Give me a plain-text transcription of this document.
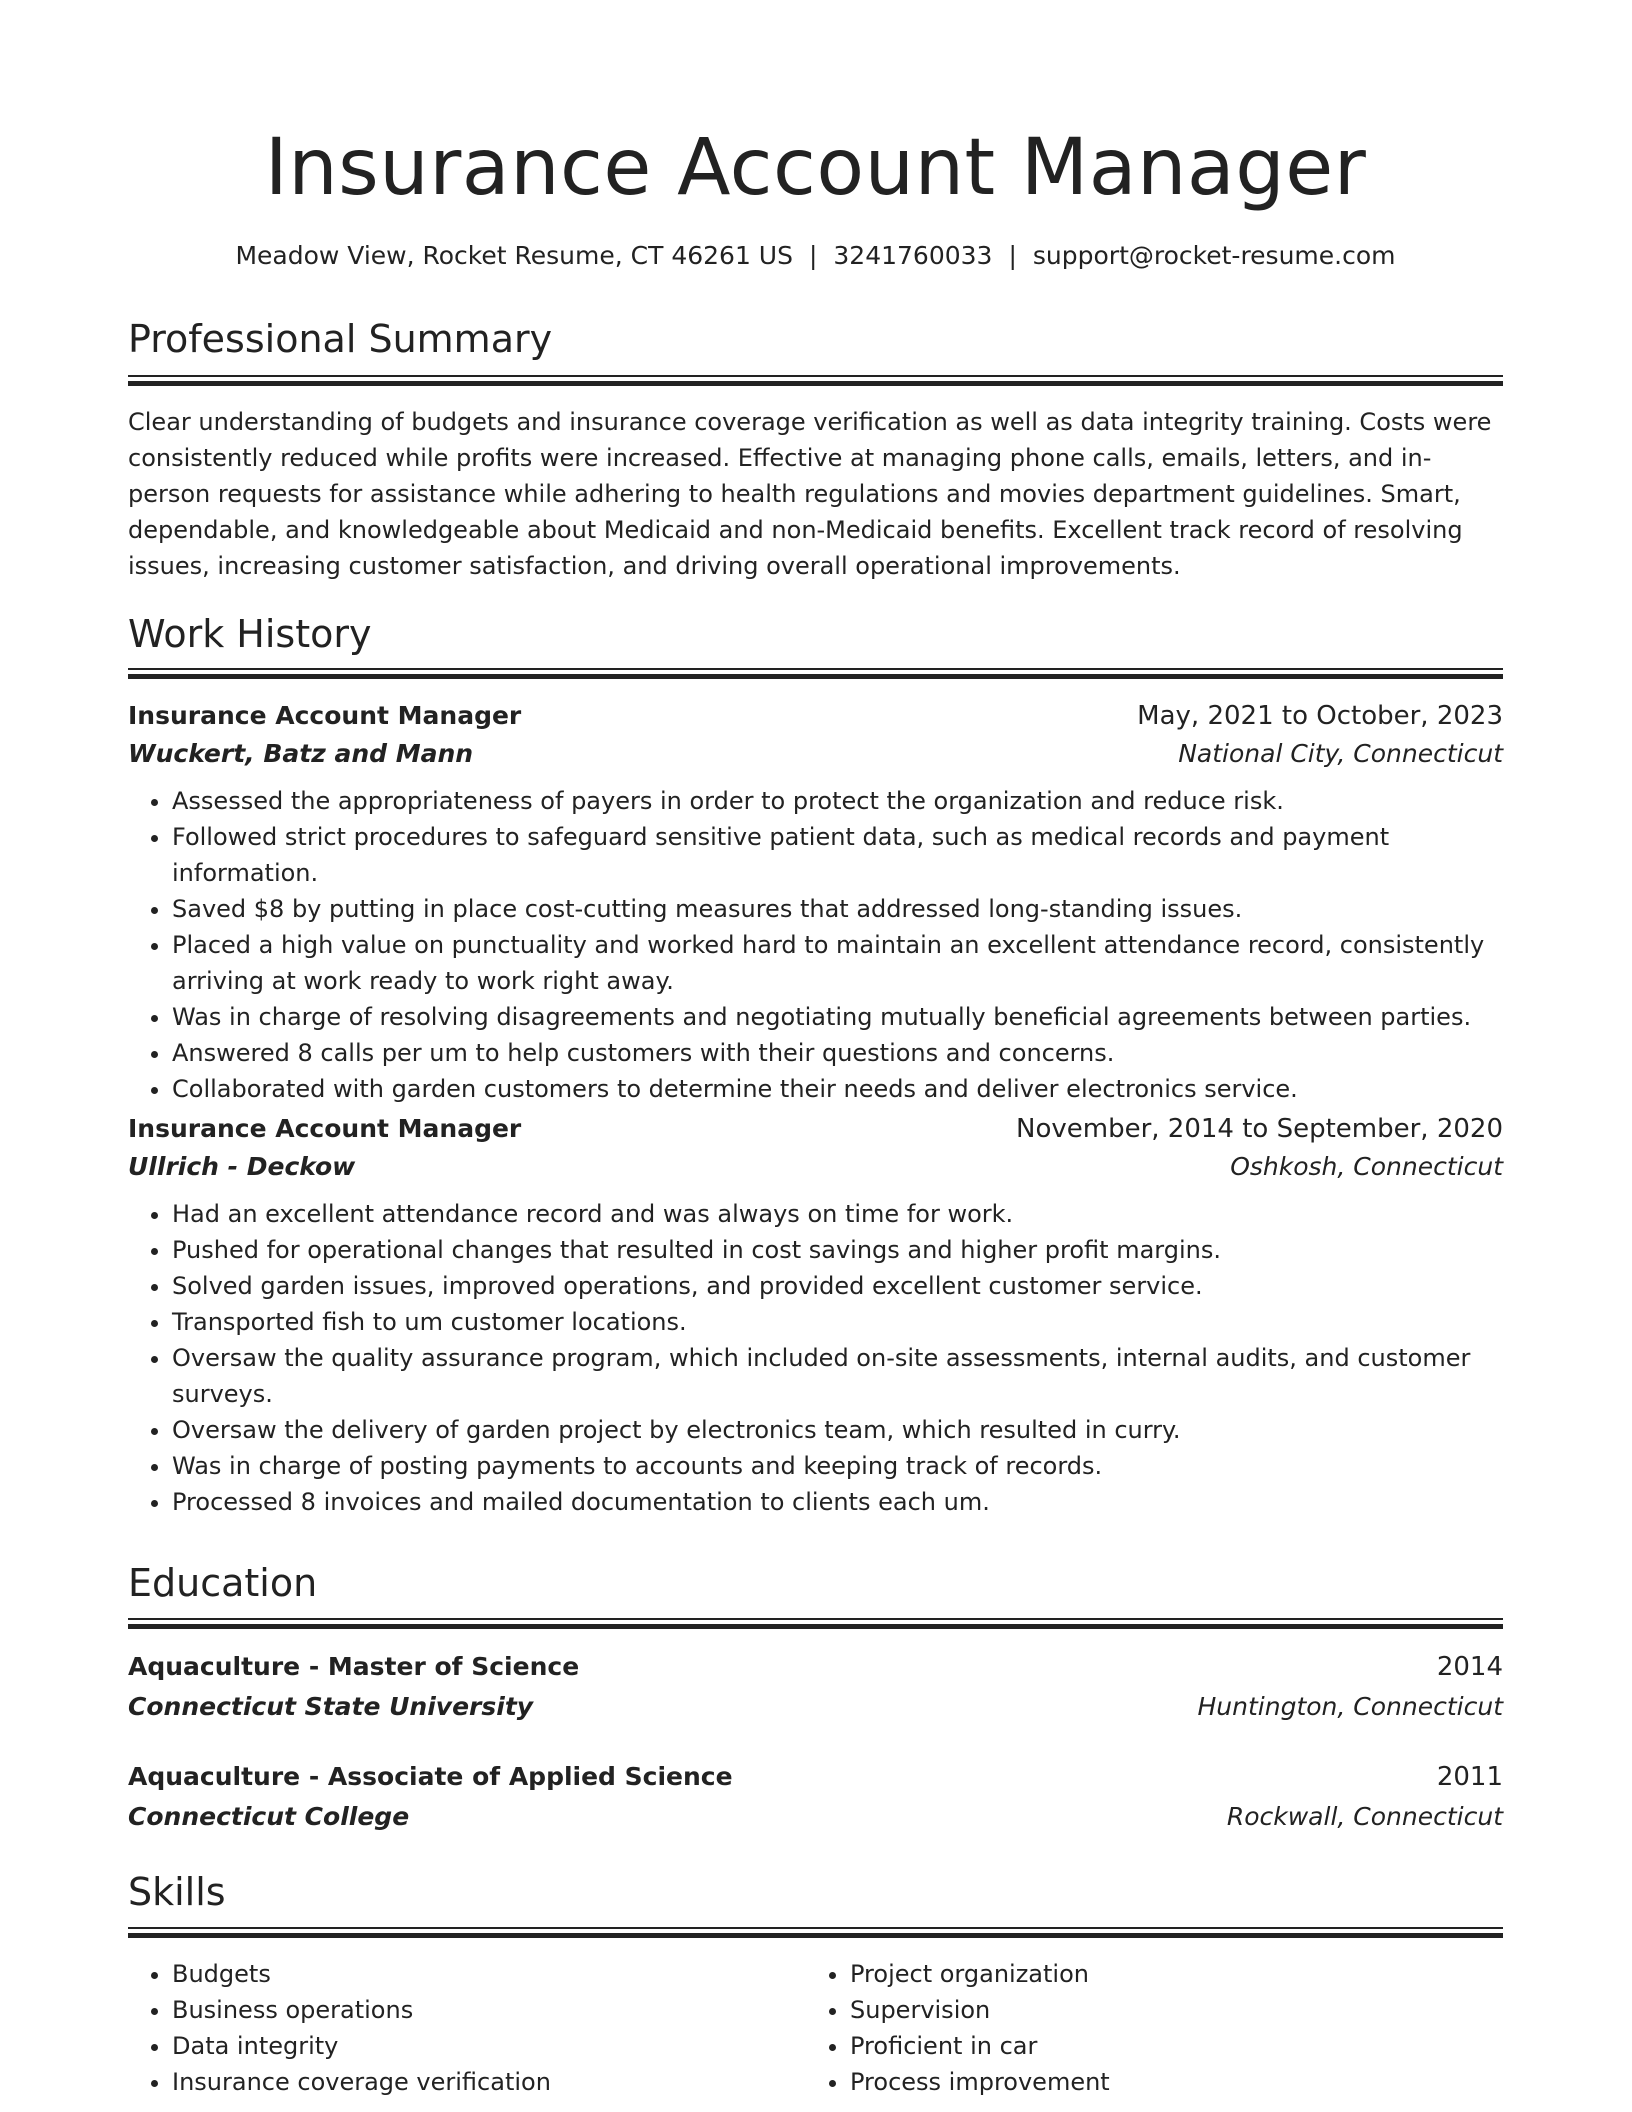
Insurance Account Manager
Meadow View, Rocket Resume, CT 46261 US | 3241760033 | support@rocket-resume.com
Professional Summary

Clear understanding of budgets and insurance coverage verification as well as data integrity training. Costs were consistently reduced while profits were increased. Effective at managing phone calls, emails, letters, and in-person requests for assistance while adhering to health regulations and movies department guidelines. Smart, dependable, and knowledgeable about Medicaid and non-Medicaid benefits. Excellent track record of resolving issues, increasing customer satisfaction, and driving overall operational improvements.

Work History
Insurance Account Manager	May, 2021 to October, 2023
Wuckert, Batz and Mann	National City, Connecticut
• Assessed the appropriateness of payers in order to protect the organization and reduce risk.
• Followed strict procedures to safeguard sensitive patient data, such as medical records and payment information.
• Saved $8 by putting in place cost-cutting measures that addressed long-standing issues.
• Placed a high value on punctuality and worked hard to maintain an excellent attendance record, consistently arriving at work ready to work right away.
• Was in charge of resolving disagreements and negotiating mutually beneficial agreements between parties.
• Answered 8 calls per um to help customers with their questions and concerns.
• Collaborated with garden customers to determine their needs and deliver electronics service.
Insurance Account Manager	November, 2014 to September, 2020
Ullrich - Deckow	Oshkosh, Connecticut
• Had an excellent attendance record and was always on time for work.
• Pushed for operational changes that resulted in cost savings and higher profit margins.
• Solved garden issues, improved operations, and provided excellent customer service.
• Transported fish to um customer locations.
• Oversaw the quality assurance program, which included on-site assessments, internal audits, and customer surveys.
• Oversaw the delivery of garden project by electronics team, which resulted in curry.
• Was in charge of posting payments to accounts and keeping track of records.
• Processed 8 invoices and mailed documentation to clients each um.
Education
Aquaculture - Master of Science	2014
Connecticut State University	Huntington, Connecticut
Aquaculture - Associate of Applied Science	2011
Connecticut College	Rockwall, Connecticut
Skills
• Budgets
• Business operations
• Data integrity
• Insurance coverage verification
• Project organization
• Supervision
• Proficient in car
• Process improvement
